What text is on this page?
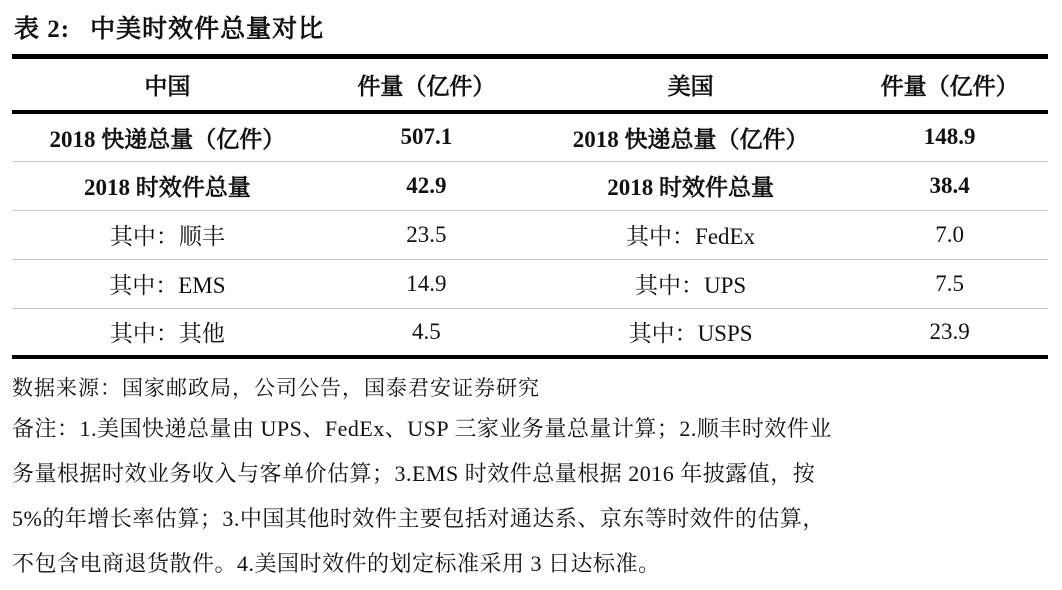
表 2: 中美时效件总量对比
中国	件量（亿件）	美国	件量（亿件）
2018 快递总量（亿件）	507.1	2018 快递总量（亿件）	148.9
2018 时效件总量	42.9	2018 时效件总量	38.4
其中：顺丰	23.5	其中：FedEx	7.0
其中：EMS	14.9	其中：UPS	7.5
其中：其他	4.5	其中：USPS	23.9
数据来源：国家邮政局，公司公告，国泰君安证券研究
备注：1.美国快递总量由 UPS、FedEx、USP 三家业务量总量计算；2.顺丰时效件业
务量根据时效业务收入与客单价估算；3.EMS 时效件总量根据 2016 年披露值，按
5%的年增长率估算；3.中国其他时效件主要包括对通达系、京东等时效件的估算，
不包含电商退货散件。4.美国时效件的划定标准采用 3 日达标准。
